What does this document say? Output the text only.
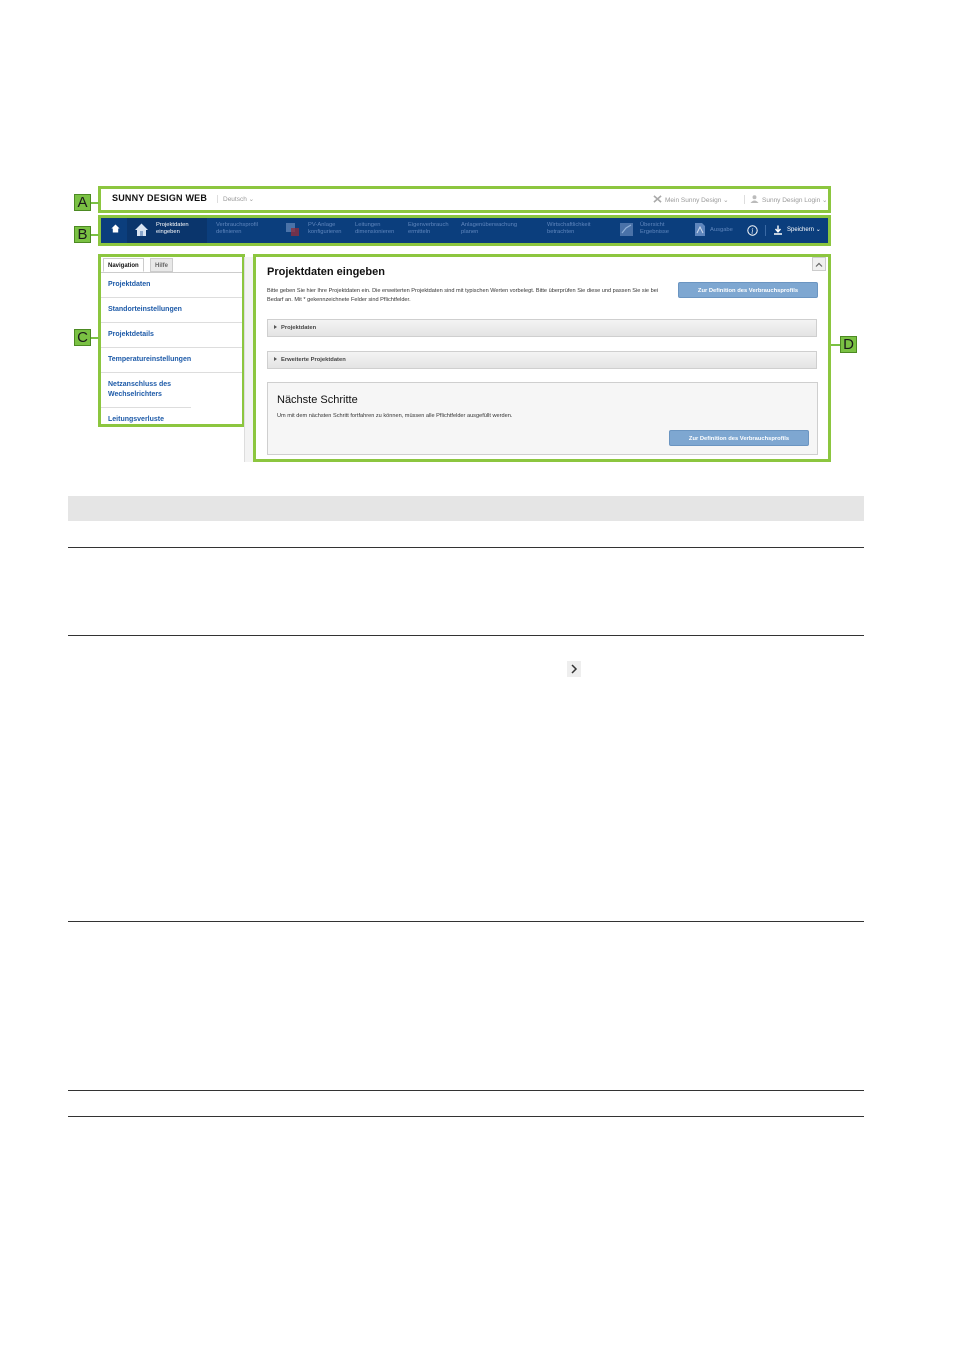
A
B
C	D
SUNNY DESIGN WEB	Deutsch ⌄	Mein Sunny Design ⌄	Sunny Design Login ⌄
Projektdaten
eingeben
Verbrauchsprofil
definieren
PV-Anlage
konfigurieren
Leitungen
dimensionieren
Eigenverbrauch
ermitteln
Anlagenüberwachung
planen
Wirtschaftlichkeit
betrachten
Übersicht
Ergebnisse	Ausgabe	i	Speichern ⌄
Navigation	Hilfe
Projektdaten
Standorteinstellungen
Projektdetails
Temperatureinstellungen
Netzanschluss des Wechselrichters
Leitungsverluste
Projektdaten eingeben
Bitte geben Sie hier Ihre Projektdaten ein. Die erweiterten Projektdaten sind mit typischen Werten vorbelegt. Bitte überprüfen Sie diese und passen Sie sie bei Bedarf an. Mit * gekennzeichnete Felder sind Pflichtfelder.
Zur Definition des Verbrauchsprofils
Projektdaten
Erweiterte Projektdaten
Nächste Schritte
Um mit dem nächsten Schritt fortfahren zu können, müssen alle Pflichtfelder ausgefüllt werden.
Zur Definition des Verbrauchsprofils
